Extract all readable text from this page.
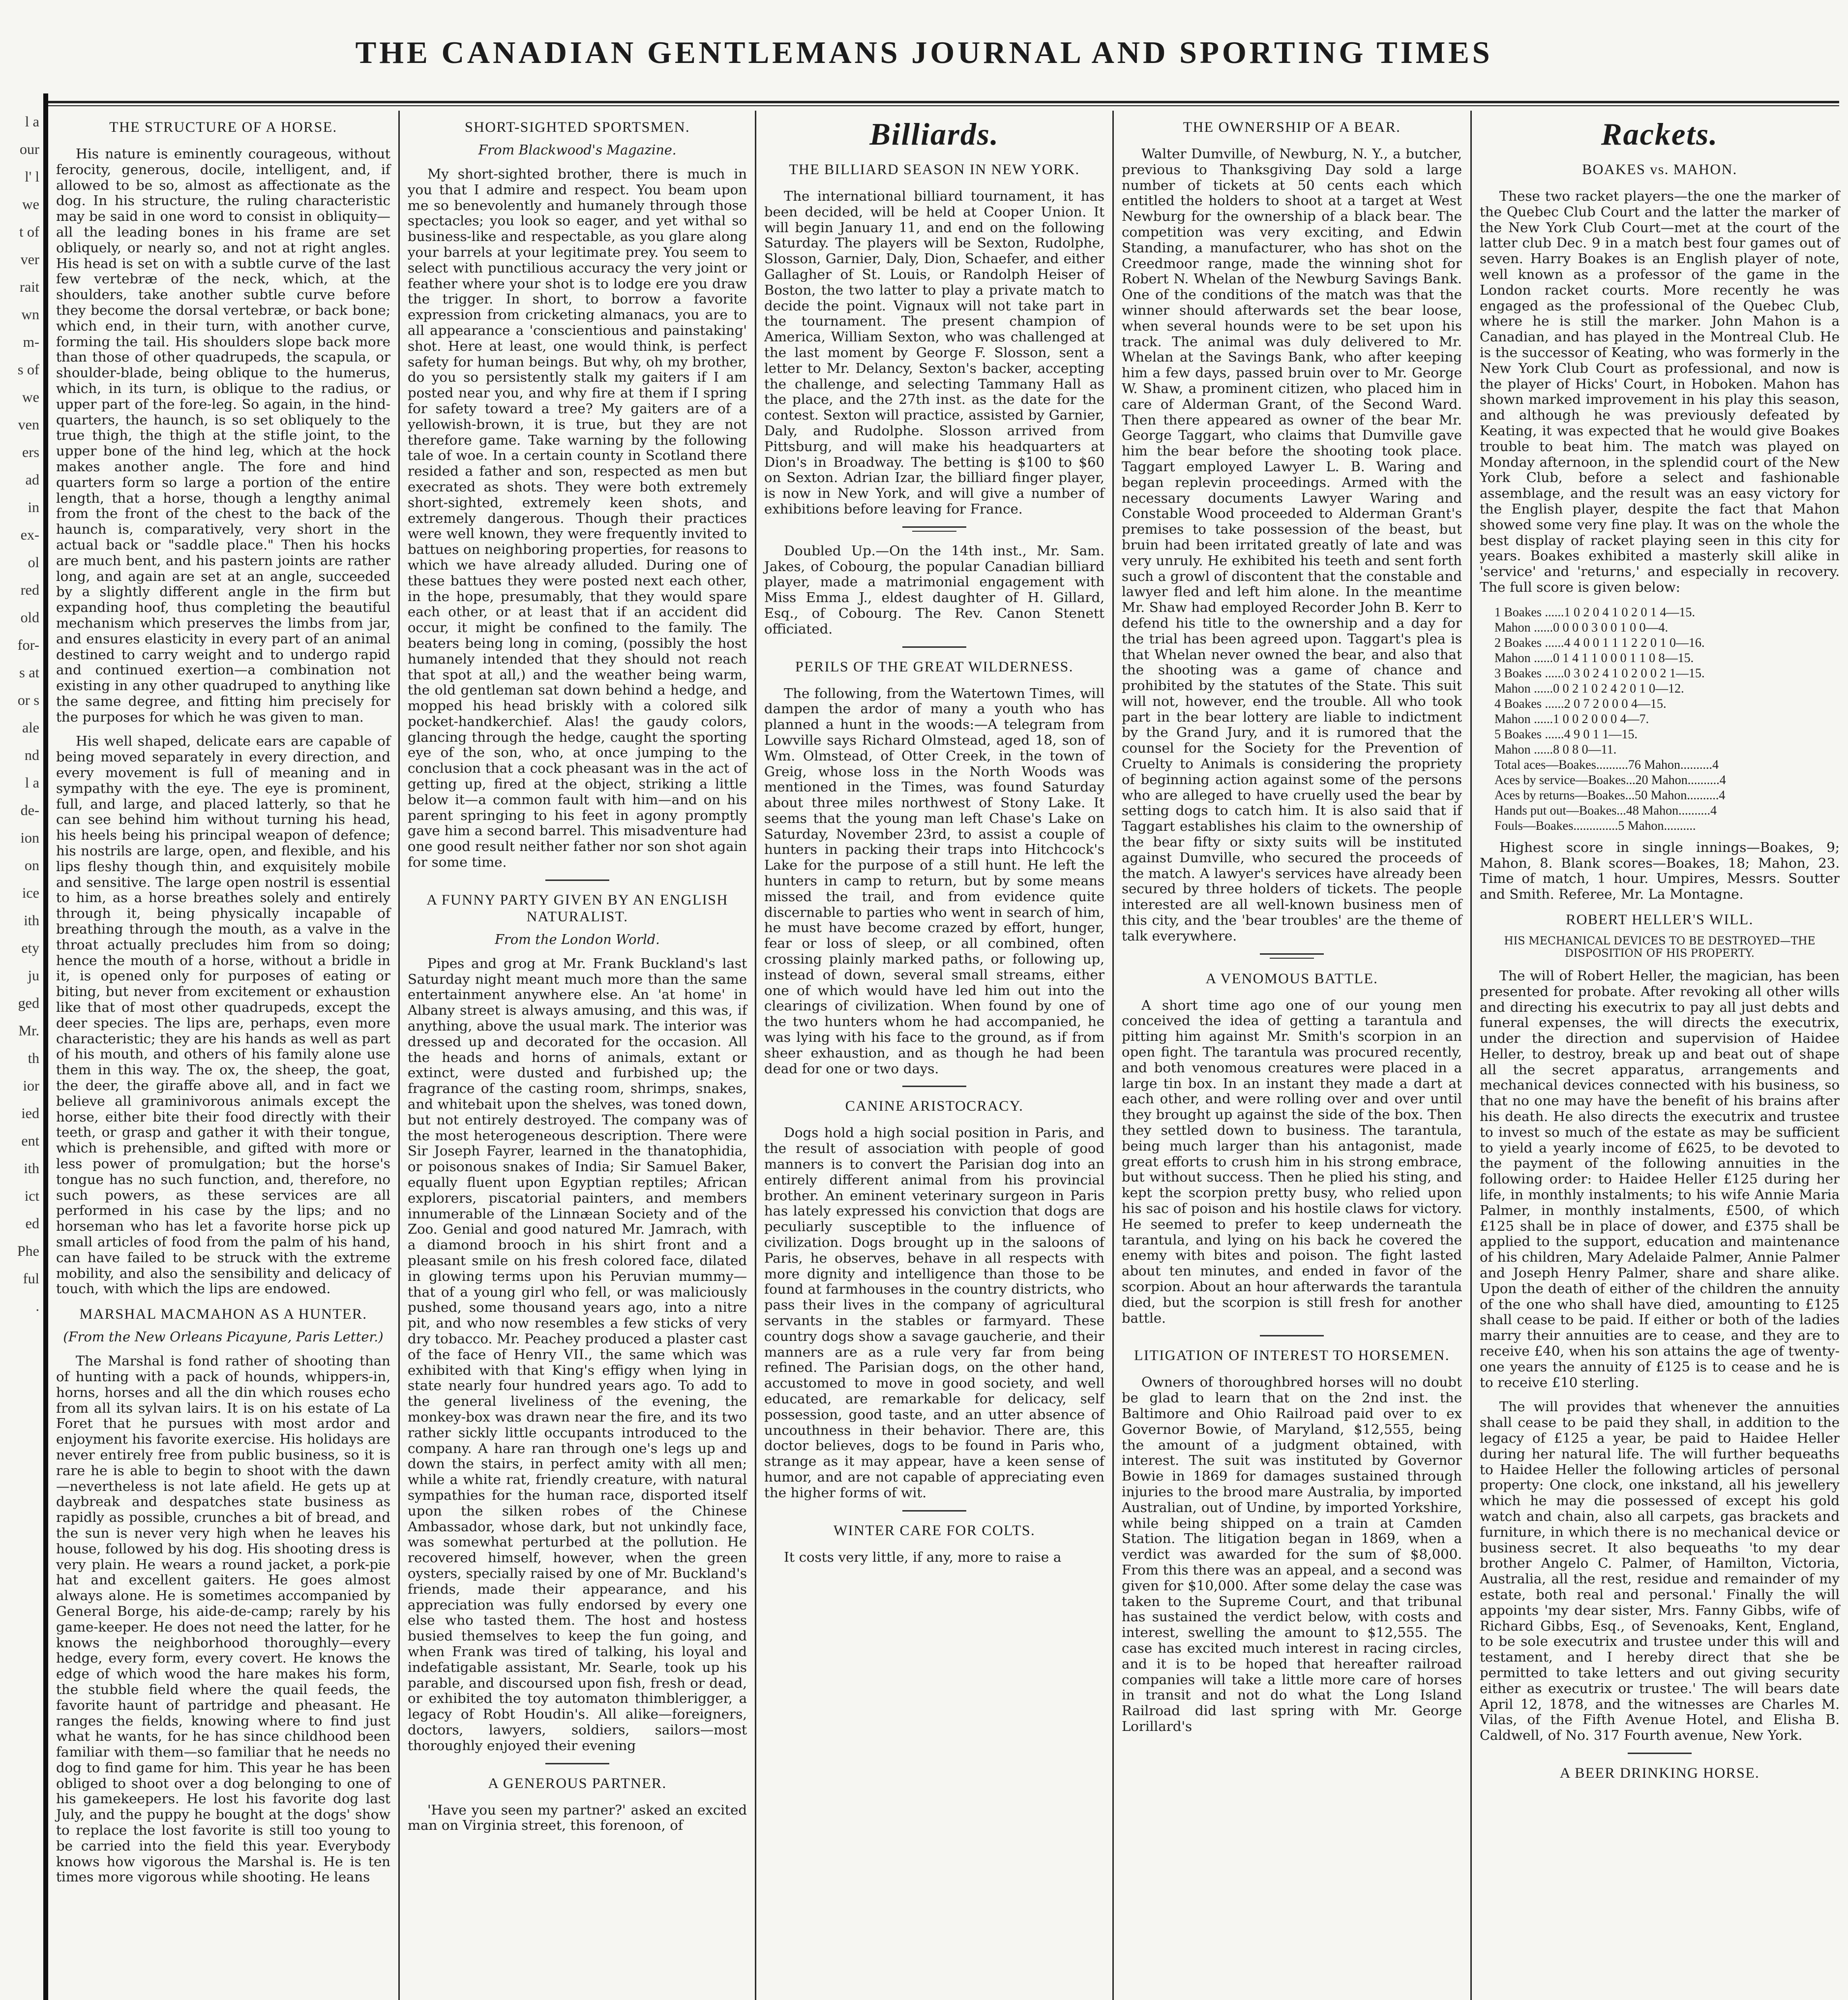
THE CANADIAN GENTLEMANS JOURNAL AND SPORTING TIMES
l a
our
l' l
we
t of
ver
rait
wn
m-
s of
we
ven
ers
ad
in
ex-
ol
red
old
for-
s at
or s
ale
nd
l a
de-
ion
on
ice
ith
ety
ju
ged
Mr.
th
ior
ied
ent
ith
ict
ed
Phe
ful
.
THE STRUCTURE OF A HORSE.

His nature is eminently courageous, without ferocity, generous, docile, intelligent, and, if allowed to be so, almost as affectionate as the dog. In his structure, the ruling characteristic may be said in one word to consist in obliquity—all the leading bones in his frame are set obliquely, or nearly so, and not at right angles. His head is set on with a subtle curve of the last few vertebræ of the neck, which, at the shoulders, take another subtle curve before they become the dorsal vertebræ, or back bone; which end, in their turn, with another curve, forming the tail. His shoulders slope back more than those of other quadrupeds, the scapula, or shoulder-blade, being oblique to the humerus, which, in its turn, is oblique to the radius, or upper part of the fore-leg. So again, in the hind-quarters, the haunch, is so set obliquely to the true thigh, the thigh at the stifle joint, to the upper bone of the hind leg, which at the hock makes another angle. The fore and hind quarters form so large a portion of the entire length, that a horse, though a lengthy animal from the front of the chest to the back of the haunch is, comparatively, very short in the actual back or "saddle place." Then his hocks are much bent, and his pastern joints are rather long, and again are set at an angle, succeeded by a slightly different angle in the firm but expanding hoof, thus completing the beautiful mechanism which preserves the limbs from jar, and ensures elasticity in every part of an animal destined to carry weight and to undergo rapid and continued exertion—a combination not existing in any other quadruped to anything like the same degree, and fitting him precisely for the purposes for which he was given to man.

His well shaped, delicate ears are capable of being moved separately in every direction, and every movement is full of meaning and in sympathy with the eye. The eye is prominent, full, and large, and placed latterly, so that he can see behind him without turning his head, his heels being his principal weapon of defence; his nostrils are large, open, and flexible, and his lips fleshy though thin, and exquisitely mobile and sensitive. The large open nostril is essential to him, as a horse breathes solely and entirely through it, being physically incapable of breathing through the mouth, as a valve in the throat actually precludes him from so doing; hence the mouth of a horse, without a bridle in it, is opened only for purposes of eating or biting, but never from excitement or exhaustion like that of most other quadrupeds, except the deer species. The lips are, perhaps, even more characteristic; they are his hands as well as part of his mouth, and others of his family alone use them in this way. The ox, the sheep, the goat, the deer, the giraffe above all, and in fact we believe all graminivorous animals except the horse, either bite their food directly with their teeth, or grasp and gather it with their tongue, which is prehensible, and gifted with more or less power of promulgation; but the horse's tongue has no such function, and, therefore, no such powers, as these services are all performed in his case by the lips; and no horseman who has let a favorite horse pick up small articles of food from the palm of his hand, can have failed to be struck with the extreme mobility, and also the sensibility and delicacy of touch, with which the lips are endowed.

MARSHAL MACMAHON AS A HUNTER.
(From the New Orleans Picayune, Paris Letter.)

The Marshal is fond rather of shooting than of hunting with a pack of hounds, whippers-in, horns, horses and all the din which rouses echo from all its sylvan lairs. It is on his estate of La Foret that he pursues with most ardor and enjoyment his favorite exercise. His holidays are never entirely free from public business, so it is rare he is able to begin to shoot with the dawn—nevertheless is not late afield. He gets up at daybreak and despatches state business as rapidly as possible, crunches a bit of bread, and the sun is never very high when he leaves his house, followed by his dog. His shooting dress is very plain. He wears a round jacket, a pork-pie hat and excellent gaiters. He goes almost always alone. He is sometimes accompanied by General Borge, his aide-de-camp; rarely by his game-keeper. He does not need the latter, for he knows the neighborhood thoroughly—every hedge, every form, every covert. He knows the edge of which wood the hare makes his form, the stubble field where the quail feeds, the favorite haunt of partridge and pheasant. He ranges the fields, knowing where to find just what he wants, for he has since childhood been familiar with them—so familiar that he needs no dog to find game for him. This year he has been obliged to shoot over a dog belonging to one of his gamekeepers. He lost his favorite dog last July, and the puppy he bought at the dogs' show to replace the lost favorite is still too young to be carried into the field this year. Everybody knows how vigorous the Marshal is. He is ten times more vigorous while shooting. He leans

SHORT-SIGHTED SPORTSMEN.
From Blackwood's Magazine.

My short-sighted brother, there is much in you that I admire and respect. You beam upon me so benevolently and humanely through those spectacles; you look so eager, and yet withal so business-like and respectable, as you glare along your barrels at your legitimate prey. You seem to select with punctilious accuracy the very joint or feather where your shot is to lodge ere you draw the trigger. In short, to borrow a favorite expression from cricketing almanacs, you are to all appearance a 'conscientious and painstaking' shot. Here at least, one would think, is perfect safety for human beings. But why, oh my brother, do you so persistently stalk my gaiters if I am posted near you, and why fire at them if I spring for safety toward a tree? My gaiters are of a yellowish-brown, it is true, but they are not therefore game. Take warning by the following tale of woe. In a certain county in Scotland there resided a father and son, respected as men but execrated as shots. They were both extremely short-sighted, extremely keen shots, and extremely dangerous. Though their practices were well known, they were frequently invited to battues on neighboring properties, for reasons to which we have already alluded. During one of these battues they were posted next each other, in the hope, presumably, that they would spare each other, or at least that if an accident did occur, it might be confined to the family. The beaters being long in coming, (possibly the host humanely intended that they should not reach that spot at all,) and the weather being warm, the old gentleman sat down behind a hedge, and mopped his head briskly with a colored silk pocket-handkerchief. Alas! the gaudy colors, glancing through the hedge, caught the sporting eye of the son, who, at once jumping to the conclusion that a cock pheasant was in the act of getting up, fired at the object, striking a little below it—a common fault with him—and on his parent springing to his feet in agony promptly gave him a second barrel. This misadventure had one good result neither father nor son shot again for some time.

A FUNNY PARTY GIVEN BY AN ENGLISH NATURALIST.
From the London World.

Pipes and grog at Mr. Frank Buckland's last Saturday night meant much more than the same entertainment anywhere else. An 'at home' in Albany street is always amusing, and this was, if anything, above the usual mark. The interior was dressed up and decorated for the occasion. All the heads and horns of animals, extant or extinct, were dusted and furbished up; the fragrance of the casting room, shrimps, snakes, and whitebait upon the shelves, was toned down, but not entirely destroyed. The company was of the most heterogeneous description. There were Sir Joseph Fayrer, learned in the thanatophidia, or poisonous snakes of India; Sir Samuel Baker, equally fluent upon Egyptian reptiles; African explorers, piscatorial painters, and members innumerable of the Linnæan Society and of the Zoo. Genial and good natured Mr. Jamrach, with a diamond brooch in his shirt front and a pleasant smile on his fresh colored face, dilated in glowing terms upon his Peruvian mummy—that of a young girl who fell, or was maliciously pushed, some thousand years ago, into a nitre pit, and who now resembles a few sticks of very dry tobacco. Mr. Peachey produced a plaster cast of the face of Henry VII., the same which was exhibited with that King's effigy when lying in state nearly four hundred years ago. To add to the general liveliness of the evening, the monkey-box was drawn near the fire, and its two rather sickly little occupants introduced to the company. A hare ran through one's legs up and down the stairs, in perfect amity with all men; while a white rat, friendly creature, with natural sympathies for the human race, disported itself upon the silken robes of the Chinese Ambassador, whose dark, but not unkindly face, was somewhat perturbed at the pollution. He recovered himself, however, when the green oysters, specially raised by one of Mr. Buckland's friends, made their appearance, and his appreciation was fully endorsed by every one else who tasted them. The host and hostess busied themselves to keep the fun going, and when Frank was tired of talking, his loyal and indefatigable assistant, Mr. Searle, took up his parable, and discoursed upon fish, fresh or dead, or exhibited the toy automaton thimblerigger, a legacy of Robt Houdin's. All alike—foreigners, doctors, lawyers, soldiers, sailors—most thoroughly enjoyed their evening

A GENEROUS PARTNER.

'Have you seen my partner?' asked an excited man on Virginia street, this forenoon, of

Billiards.
THE BILLIARD SEASON IN NEW YORK.

The international billiard tournament, it has been decided, will be held at Cooper Union. It will begin January 11, and end on the following Saturday. The players will be Sexton, Rudolphe, Slosson, Garnier, Daly, Dion, Schaefer, and either Gallagher of St. Louis, or Randolph Heiser of Boston, the two latter to play a private match to decide the point. Vignaux will not take part in the tournament. The present champion of America, William Sexton, who was challenged at the last moment by George F. Slosson, sent a letter to Mr. Delancy, Sexton's backer, accepting the challenge, and selecting Tammany Hall as the place, and the 27th inst. as the date for the contest. Sexton will practice, assisted by Garnier, Daly, and Rudolphe. Slosson arrived from Pittsburg, and will make his headquarters at Dion's in Broadway. The betting is $100 to $60 on Sexton. Adrian Izar, the billiard finger player, is now in New York, and will give a number of exhibitions before leaving for France.

Doubled Up.—On the 14th inst., Mr. Sam. Jakes, of Cobourg, the popular Canadian billiard player, made a matrimonial engagement with Miss Emma J., eldest daughter of H. Gillard, Esq., of Cobourg. The Rev. Canon Stenett officiated.

PERILS OF THE GREAT WILDERNESS.

The following, from the Watertown Times, will dampen the ardor of many a youth who has planned a hunt in the woods:—A telegram from Lowville says Richard Olmstead, aged 18, son of Wm. Olmstead, of Otter Creek, in the town of Greig, whose loss in the North Woods was mentioned in the Times, was found Saturday about three miles northwest of Stony Lake. It seems that the young man left Chase's Lake on Saturday, November 23rd, to assist a couple of hunters in packing their traps into Hitchcock's Lake for the purpose of a still hunt. He left the hunters in camp to return, but by some means missed the trail, and from evidence quite discernable to parties who went in search of him, he must have become crazed by effort, hunger, fear or loss of sleep, or all combined, often crossing plainly marked paths, or following up, instead of down, several small streams, either one of which would have led him out into the clearings of civilization. When found by one of the two hunters whom he had accompanied, he was lying with his face to the ground, as if from sheer exhaustion, and as though he had been dead for one or two days.

CANINE ARISTOCRACY.

Dogs hold a high social position in Paris, and the result of association with people of good manners is to convert the Parisian dog into an entirely different animal from his provincial brother. An eminent veterinary surgeon in Paris has lately expressed his conviction that dogs are peculiarly susceptible to the influence of civilization. Dogs brought up in the saloons of Paris, he observes, behave in all respects with more dignity and intelligence than those to be found at farmhouses in the country districts, who pass their lives in the company of agricultural servants in the stables or farmyard. These country dogs show a savage gaucherie, and their manners are as a rule very far from being refined. The Parisian dogs, on the other hand, accustomed to move in good society, and well educated, are remarkable for delicacy, self possession, good taste, and an utter absence of uncouthness in their behavior. There are, this doctor believes, dogs to be found in Paris who, strange as it may appear, have a keen sense of humor, and are not capable of appreciating even the higher forms of wit.

WINTER CARE FOR COLTS.

It costs very little, if any, more to raise a

THE OWNERSHIP OF A BEAR.

Walter Dumville, of Newburg, N. Y., a butcher, previous to Thanksgiving Day sold a large number of tickets at 50 cents each which entitled the holders to shoot at a target at West Newburg for the ownership of a black bear. The competition was very exciting, and Edwin Standing, a manufacturer, who has shot on the Creedmoor range, made the winning shot for Robert N. Whelan of the Newburg Savings Bank. One of the conditions of the match was that the winner should afterwards set the bear loose, when several hounds were to be set upon his track. The animal was duly delivered to Mr. Whelan at the Savings Bank, who after keeping him a few days, passed bruin over to Mr. George W. Shaw, a prominent citizen, who placed him in care of Alderman Grant, of the Second Ward. Then there appeared as owner of the bear Mr. George Taggart, who claims that Dumville gave him the bear before the shooting took place. Taggart employed Lawyer L. B. Waring and began replevin proceedings. Armed with the necessary documents Lawyer Waring and Constable Wood proceeded to Alderman Grant's premises to take possession of the beast, but bruin had been irritated greatly of late and was very unruly. He exhibited his teeth and sent forth such a growl of discontent that the constable and lawyer fled and left him alone. In the meantime Mr. Shaw had employed Recorder John B. Kerr to defend his title to the ownership and a day for the trial has been agreed upon. Taggart's plea is that Whelan never owned the bear, and also that the shooting was a game of chance and prohibited by the statutes of the State. This suit will not, however, end the trouble. All who took part in the bear lottery are liable to indictment by the Grand Jury, and it is rumored that the counsel for the Society for the Prevention of Cruelty to Animals is considering the propriety of beginning action against some of the persons who are alleged to have cruelly used the bear by setting dogs to catch him. It is also said that if Taggart establishes his claim to the ownership of the bear fifty or sixty suits will be instituted against Dumville, who secured the proceeds of the match. A lawyer's services have already been secured by three holders of tickets. The people interested are all well-known business men of this city, and the 'bear troubles' are the theme of talk everywhere.

A VENOMOUS BATTLE.

A short time ago one of our young men conceived the idea of getting a tarantula and pitting him against Mr. Smith's scorpion in an open fight. The tarantula was procured recently, and both venomous creatures were placed in a large tin box. In an instant they made a dart at each other, and were rolling over and over until they brought up against the side of the box. Then they settled down to business. The tarantula, being much larger than his antagonist, made great efforts to crush him in his strong embrace, but without success. Then he plied his sting, and kept the scorpion pretty busy, who relied upon his sac of poison and his hostile claws for victory. He seemed to prefer to keep underneath the tarantula, and lying on his back he covered the enemy with bites and poison. The fight lasted about ten minutes, and ended in favor of the scorpion. About an hour afterwards the tarantula died, but the scorpion is still fresh for another battle.

LITIGATION OF INTEREST TO HORSEMEN.

Owners of thoroughbred horses will no doubt be glad to learn that on the 2nd inst. the Baltimore and Ohio Railroad paid over to ex Governor Bowie, of Maryland, $12,555, being the amount of a judgment obtained, with interest. The suit was instituted by Governor Bowie in 1869 for damages sustained through injuries to the brood mare Australia, by imported Australian, out of Undine, by imported Yorkshire, while being shipped on a train at Camden Station. The litigation began in 1869, when a verdict was awarded for the sum of $8,000. From this there was an appeal, and a second was given for $10,000. After some delay the case was taken to the Supreme Court, and that tribunal has sustained the verdict below, with costs and interest, swelling the amount to $12,555. The case has excited much interest in racing circles, and it is to be hoped that hereafter railroad companies will take a little more care of horses in transit and not do what the Long Island Railroad did last spring with Mr. George Lorillard's

Rackets.
BOAKES vs. MAHON.

These two racket players—the one the marker of the Quebec Club Court and the latter the marker of the New York Club Court—met at the court of the latter club Dec. 9 in a match best four games out of seven. Harry Boakes is an English player of note, well known as a professor of the game in the London racket courts. More recently he was engaged as the professional of the Quebec Club, where he is still the marker. John Mahon is a Canadian, and has played in the Montreal Club. He is the successor of Keating, who was formerly in the New York Club Court as professional, and now is the player of Hicks' Court, in Hoboken. Mahon has shown marked improvement in his play this season, and although he was previously defeated by Keating, it was expected that he would give Boakes trouble to beat him. The match was played on Monday afternoon, in the splendid court of the New York Club, before a select and fashionable assemblage, and the result was an easy victory for the English player, despite the fact that Mahon showed some very fine play. It was on the whole the best display of racket playing seen in this city for years. Boakes exhibited a masterly skill alike in 'service' and 'returns,' and especially in recovery. The full score is given below:

1 Boakes ......1 0 2 0 4 1 0 2 0 1 4—15.
Mahon ......0 0 0 0 3 0 0 1 0 0—4.
2 Boakes ......4 4 0 0 1 1 1 2 2 0 1 0—16.
Mahon ......0 1 4 1 1 0 0 0 1 1 0 8—15.
3 Boakes ......0 3 0 2 4 1 0 2 0 0 2 1—15.
Mahon ......0 0 2 1 0 2 4 2 0 1 0—12.
4 Boakes ......2 0 7 2 0 0 0 4—15.
Mahon ......1 0 0 2 0 0 0 4—7.
5 Boakes ......4 9 0 1 1—15.
Mahon ......8 0 8 0—11.
Total aces—Boakes..........76 Mahon..........4
Aces by service—Boakes...20 Mahon..........4
Aces by returns—Boakes...50 Mahon..........4
Hands put out—Boakes...48 Mahon..........4
Fouls—Boakes..............5 Mahon..........

Highest score in single innings—Boakes, 9; Mahon, 8. Blank scores—Boakes, 18; Mahon, 23. Time of match, 1 hour. Umpires, Messrs. Soutter and Smith. Referee, Mr. La Montagne.

ROBERT HELLER'S WILL.
HIS MECHANICAL DEVICES TO BE DESTROYED—THE DISPOSITION OF HIS PROPERTY.

The will of Robert Heller, the magician, has been presented for probate. After revoking all other wills and directing his executrix to pay all just debts and funeral expenses, the will directs the executrix, under the direction and supervision of Haidee Heller, to destroy, break up and beat out of shape all the secret apparatus, arrangements and mechanical devices connected with his business, so that no one may have the benefit of his brains after his death. He also directs the executrix and trustee to invest so much of the estate as may be sufficient to yield a yearly income of £625, to be devoted to the payment of the following annuities in the following order: to Haidee Heller £125 during her life, in monthly instalments; to his wife Annie Maria Palmer, in monthly instalments, £500, of which £125 shall be in place of dower, and £375 shall be applied to the support, education and maintenance of his children, Mary Adelaide Palmer, Annie Palmer and Joseph Henry Palmer, share and share alike. Upon the death of either of the children the annuity of the one who shall have died, amounting to £125 shall cease to be paid. If either or both of the ladies marry their annuities are to cease, and they are to receive £40, when his son attains the age of twenty-one years the annuity of £125 is to cease and he is to receive £10 sterling.

The will provides that whenever the annuities shall cease to be paid they shall, in addition to the legacy of £125 a year, be paid to Haidee Heller during her natural life. The will further bequeaths to Haidee Heller the following articles of personal property: One clock, one inkstand, all his jewellery which he may die possessed of except his gold watch and chain, also all carpets, gas brackets and furniture, in which there is no mechanical device or business secret. It also bequeaths 'to my dear brother Angelo C. Palmer, of Hamilton, Victoria, Australia, all the rest, residue and remainder of my estate, both real and personal.' Finally the will appoints 'my dear sister, Mrs. Fanny Gibbs, wife of Richard Gibbs, Esq., of Sevenoaks, Kent, England, to be sole executrix and trustee under this will and testament, and I hereby direct that she be permitted to take letters and out giving security either as executrix or trustee.' The will bears date April 12, 1878, and the witnesses are Charles M. Vilas, of the Fifth Avenue Hotel, and Elisha B. Caldwell, of No. 317 Fourth avenue, New York.

A BEER DRINKING HORSE.
